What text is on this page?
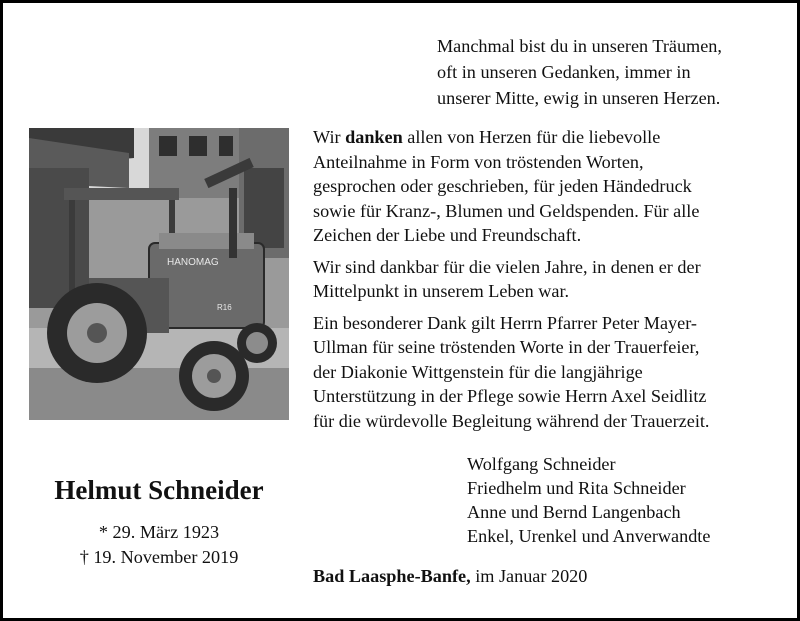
Manchmal bist du in unseren Träumen,
oft in unseren Gedanken, immer in
unserer Mitte, ewig in unseren Herzen.
HANOMAG
R16
Wir danken allen von Herzen für die liebevolle
Anteilnahme in Form von tröstenden Worten,
gesprochen oder geschrieben, für jeden Händedruck
sowie für Kranz-, Blumen und Geldspenden. Für alle
Zeichen der Liebe und Freundschaft.
Wir sind dankbar für die vielen Jahre, in denen er der
Mittelpunkt in unserem Leben war.
Ein besonderer Dank gilt Herrn Pfarrer Peter Mayer-
Ullman für seine tröstenden Worte in der Trauerfeier,
der Diakonie Wittgenstein für die langjährige
Unterstützung in der Pflege sowie Herrn Axel Seidlitz
für die würdevolle Begleitung während der Trauerzeit.
Helmut Schneider
* 29. März 1923
† 19. November 2019
Wolfgang Schneider
Friedhelm und Rita Schneider
Anne und Bernd Langenbach
Enkel, Urenkel und Anverwandte
Bad Laasphe-Banfe, im Januar 2020
